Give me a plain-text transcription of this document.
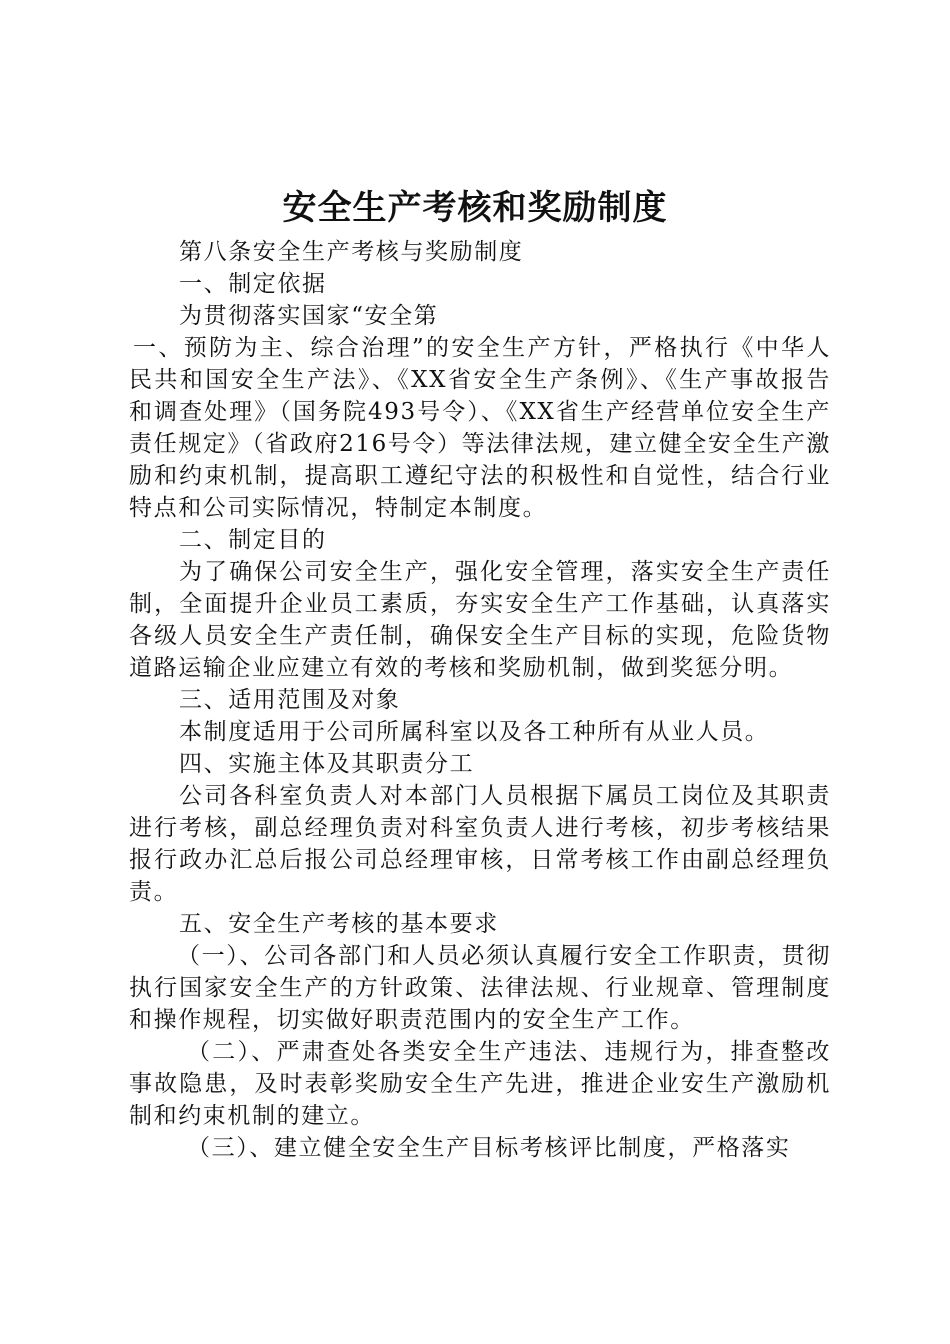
安全生产考核和奖励制度

第八条安全生产考核与奖励制度

一、制定依据

为贯彻落实国家“安全第

一、预防为主、综合治理”的安全生产方针，严格执行《中华人民共和国安全生产法》、《XX省安全生产条例》、《生产事故报告和调查处理》（国务院493号令）、《XX省生产经营单位安全生产责任规定》（省政府216号令）等法律法规，建立健全安全生产激励和约束机制，提高职工遵纪守法的积极性和自觉性，结合行业特点和公司实际情况，特制定本制度。

二、制定目的

为了确保公司安全生产，强化安全管理，落实安全生产责任制，全面提升企业员工素质，夯实安全生产工作基础，认真落实各级人员安全生产责任制，确保安全生产目标的实现，危险货物道路运输企业应建立有效的考核和奖励机制，做到奖惩分明。

三、适用范围及对象

本制度适用于公司所属科室以及各工种所有从业人员。

四、实施主体及其职责分工

公司各科室负责人对本部门人员根据下属员工岗位及其职责进行考核，副总经理负责对科室负责人进行考核，初步考核结果报行政办汇总后报公司总经理审核，日常考核工作由副总经理负责。

五、安全生产考核的基本要求

（一）、公司各部门和人员必须认真履行安全工作职责，贯彻执行国家安全生产的方针政策、法律法规、行业规章、管理制度和操作规程，切实做好职责范围内的安全生产工作。

（二）、严肃查处各类安全生产违法、违规行为，排查整改事故隐患，及时表彰奖励安全生产先进，推进企业安生产激励机制和约束机制的建立。

（三）、建立健全安全生产目标考核评比制度，严格落实
